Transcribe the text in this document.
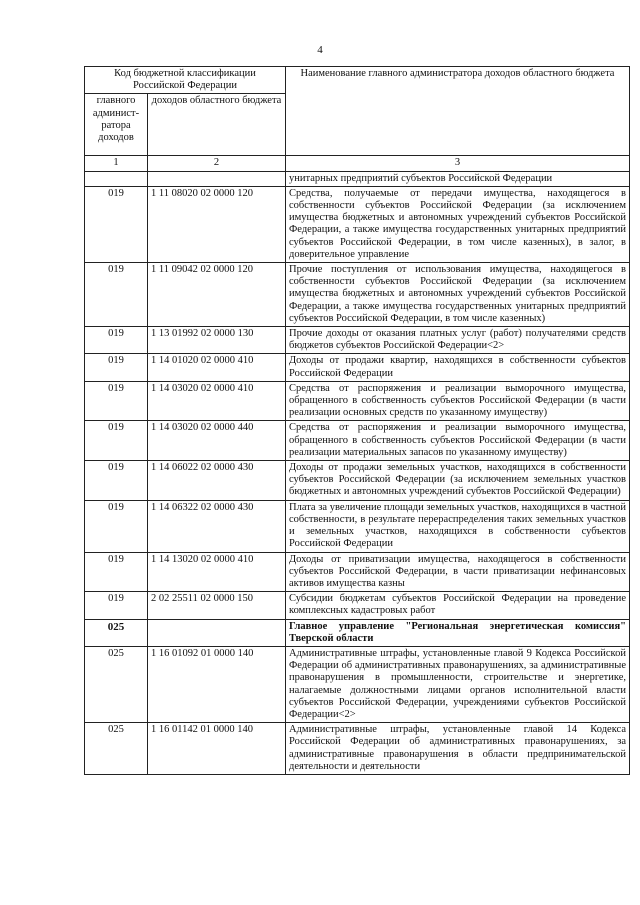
4
Код бюджетной классификации Российской Федерации		Наименование главного администратора доходов областного бюджета
главного админист-ратора доходов	доходов областного бюджета	
1	2	3
		унитарных предприятий субъектов Российской Федерации
019	1 11 08020 02 0000 120	Средства, получаемые от передачи имущества, находящегося в собственности субъектов Российской Федерации (за исключением имущества бюджетных и автономных учреждений субъектов Российской Федерации, а также имущества государственных унитарных предприятий субъектов Российской Федерации, в том числе казенных), в залог, в доверительное управление
019	1 11 09042 02 0000 120	Прочие поступления от использования имущества, находящегося в собственности субъектов Российской Федерации (за исключением имущества бюджетных и автономных учреждений субъектов Российской Федерации, а также имущества государственных унитарных предприятий субъектов Российской Федерации, в том числе казенных)
019	1 13 01992 02 0000 130	Прочие доходы от оказания платных услуг (работ) получателями средств бюджетов субъектов Российской Федерации<2>
019	1 14 01020 02 0000 410	Доходы от продажи квартир, находящихся в собственности субъектов Российской Федерации
019	1 14 03020 02 0000 410	Средства от распоряжения и реализации выморочного имущества, обращенного в собственность субъектов Российской Федерации (в части реализации основных средств по указанному имуществу)
019	1 14 03020 02 0000 440	Средства от распоряжения и реализации выморочного имущества, обращенного в собственность субъектов Российской Федерации (в части реализации материальных запасов по указанному имуществу)
019	1 14 06022 02 0000 430	Доходы от продажи земельных участков, находящихся в собственности субъектов Российской Федерации (за исключением земельных участков бюджетных и автономных учреждений субъектов Российской Федерации)
019	1 14 06322 02 0000 430	Плата за увеличение площади земельных участков, находящихся в частной собственности, в результате перераспределения таких земельных участков и земельных участков, находящихся в собственности субъектов Российской Федерации
019	1 14 13020 02 0000 410	Доходы от приватизации имущества, находящегося в собственности субъектов Российской Федерации, в части приватизации нефинансовых активов имущества казны
019	2 02 25511 02 0000 150	Субсидии бюджетам субъектов Российской Федерации на проведение комплексных кадастровых работ
025		Главное управление "Региональная энергетическая комиссия" Тверской области
025	1 16 01092 01 0000 140	Административные штрафы, установленные главой 9 Кодекса Российской Федерации об административных правонарушениях, за административные правонарушения в промышленности, строительстве и энергетике, налагаемые должностными лицами органов исполнительной власти субъектов Российской Федерации, учреждениями субъектов Российской Федерации<2>
025	1 16 01142 01 0000 140	Административные штрафы, установленные главой 14 Кодекса Российской Федерации об административных правонарушениях, за административные правонарушения в области предпринимательской деятельности и деятельности
